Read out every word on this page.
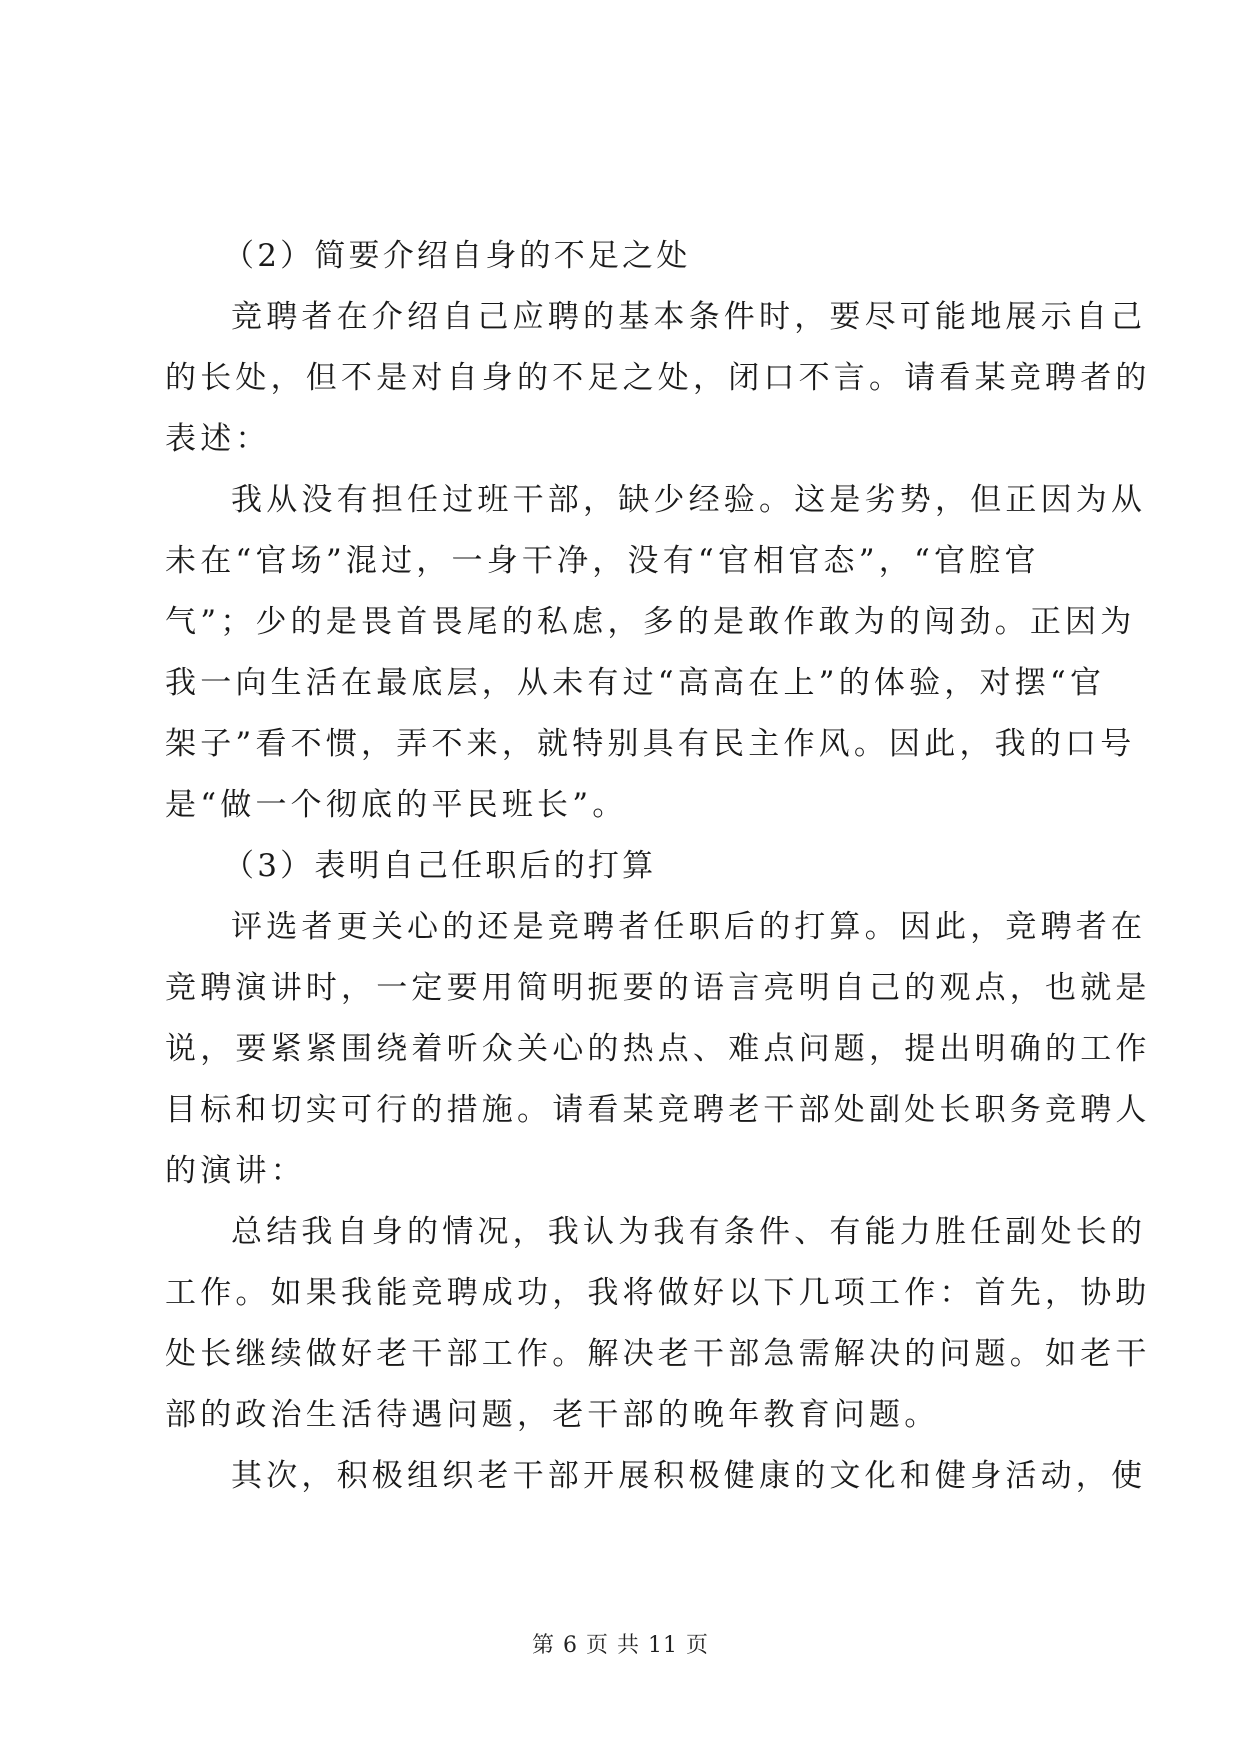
（2）简要介绍自身的不足之处
竞聘者在介绍自己应聘的基本条件时，要尽可能地展示自己
的长处，但不是对自身的不足之处，闭口不言。请看某竞聘者的
表述：
我从没有担任过班干部，缺少经验。这是劣势，但正因为从
未在“官场”混过，一身干净，没有“官相官态”，“官腔官
气”；少的是畏首畏尾的私虑，多的是敢作敢为的闯劲。正因为
我一向生活在最底层，从未有过“高高在上”的体验，对摆“官
架子”看不惯，弄不来，就特别具有民主作风。因此，我的口号
是“做一个彻底的平民班长”。
（3）表明自己任职后的打算
评选者更关心的还是竞聘者任职后的打算。因此，竞聘者在
竞聘演讲时，一定要用简明扼要的语言亮明自己的观点，也就是
说，要紧紧围绕着听众关心的热点、难点问题，提出明确的工作
目标和切实可行的措施。请看某竞聘老干部处副处长职务竞聘人
的演讲：
总结我自身的情况，我认为我有条件、有能力胜任副处长的
工作。如果我能竞聘成功，我将做好以下几项工作：首先，协助
处长继续做好老干部工作。解决老干部急需解决的问题。如老干
部的政治生活待遇问题，老干部的晚年教育问题。
其次，积极组织老干部开展积极健康的文化和健身活动，使
第 6 页 共 11 页
